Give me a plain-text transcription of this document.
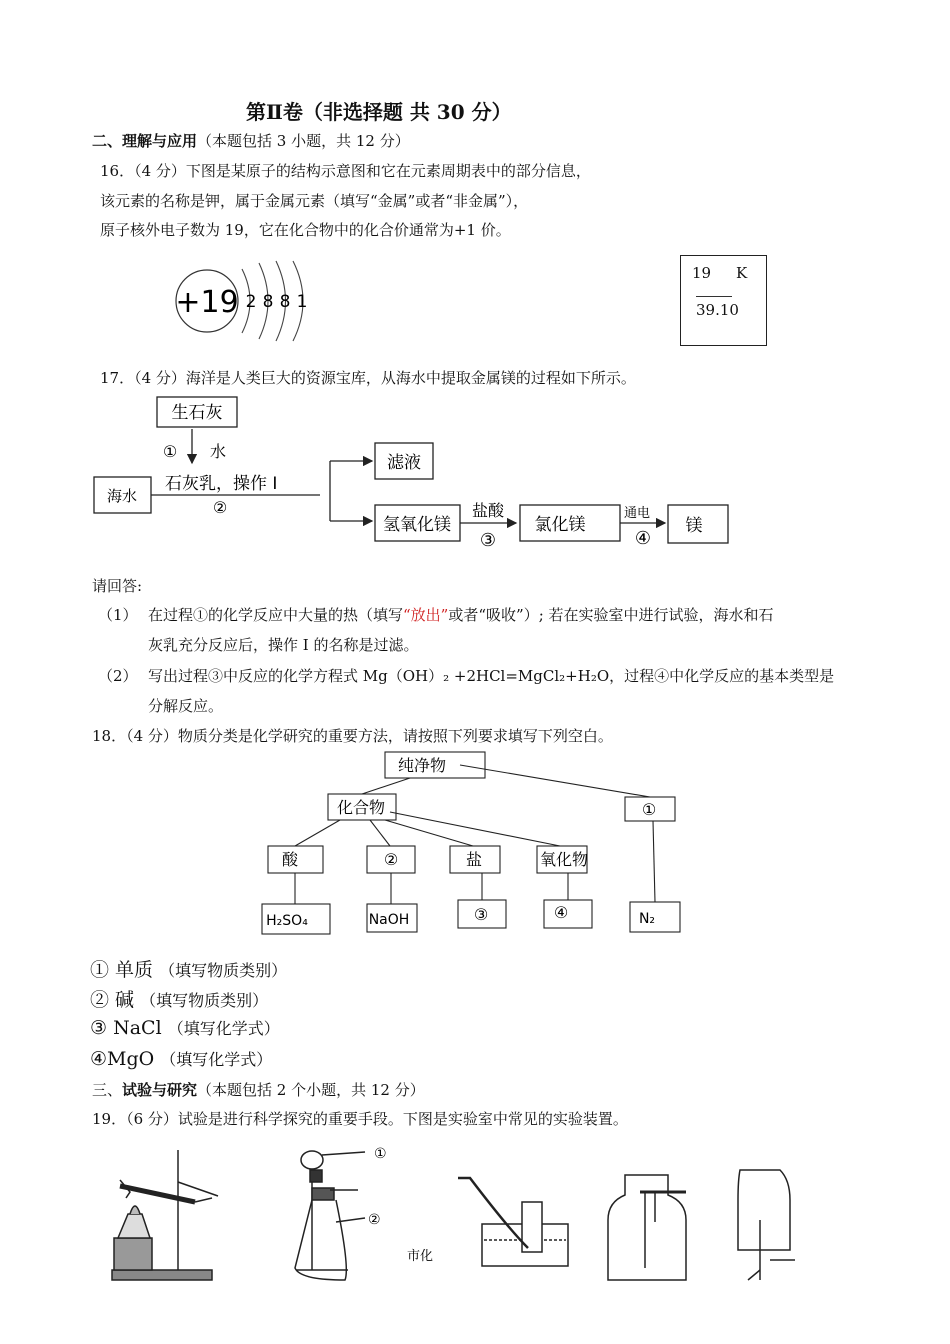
第Ⅱ卷（非选择题 共 30 分）
二、理解与应用（本题包括 3 小题，共 12 分）
16．（4 分）下图是某原子的结构示意图和它在元素周期表中的部分信息，
该元素的名称是钾，属于金属元素（填写“金属”或者“非金属”），
原子核外电子数为 19，它在化合物中的化合价通常为+1 价。
+19 2 8 8 1
19 K
39.10
17．（4 分）海洋是人类巨大的资源宝库，从海水中提取金属镁的过程如下所示。
生石灰
① 水
海水
石灰乳，操作 I
②
滤液
氢氧化镁
盐酸
③
氯化镁
通电
④
镁
请回答:
（1） 在过程①的化学反应中大量的热（填写“放出”或者“吸收”）; 若在实验室中进行试验，海水和石
灰乳充分反应后，操作 I 的名称是过滤。
（2） 写出过程③中反应的化学方程式 Mg（OH）₂ +2HCl=MgCl₂+H₂O，过程④中化学反应的基本类型是
分解反应。
18．（4 分）物质分类是化学研究的重要方法，请按照下列要求填写下列空白。
纯净物
化合物	①
酸	②	盐	氧化物
H₂SO₄	NaOH	③	④	N₂
① 单质 （填写物质类别）
② 碱 （填写物质类别）
③ NaCl （填写化学式）
④MgO （填写化学式）
三、试验与研究（本题包括 2 个小题，共 12 分）
19．（6 分）试验是进行科学探究的重要手段。下图是实验室中常见的实验装置。
①
②
市化
